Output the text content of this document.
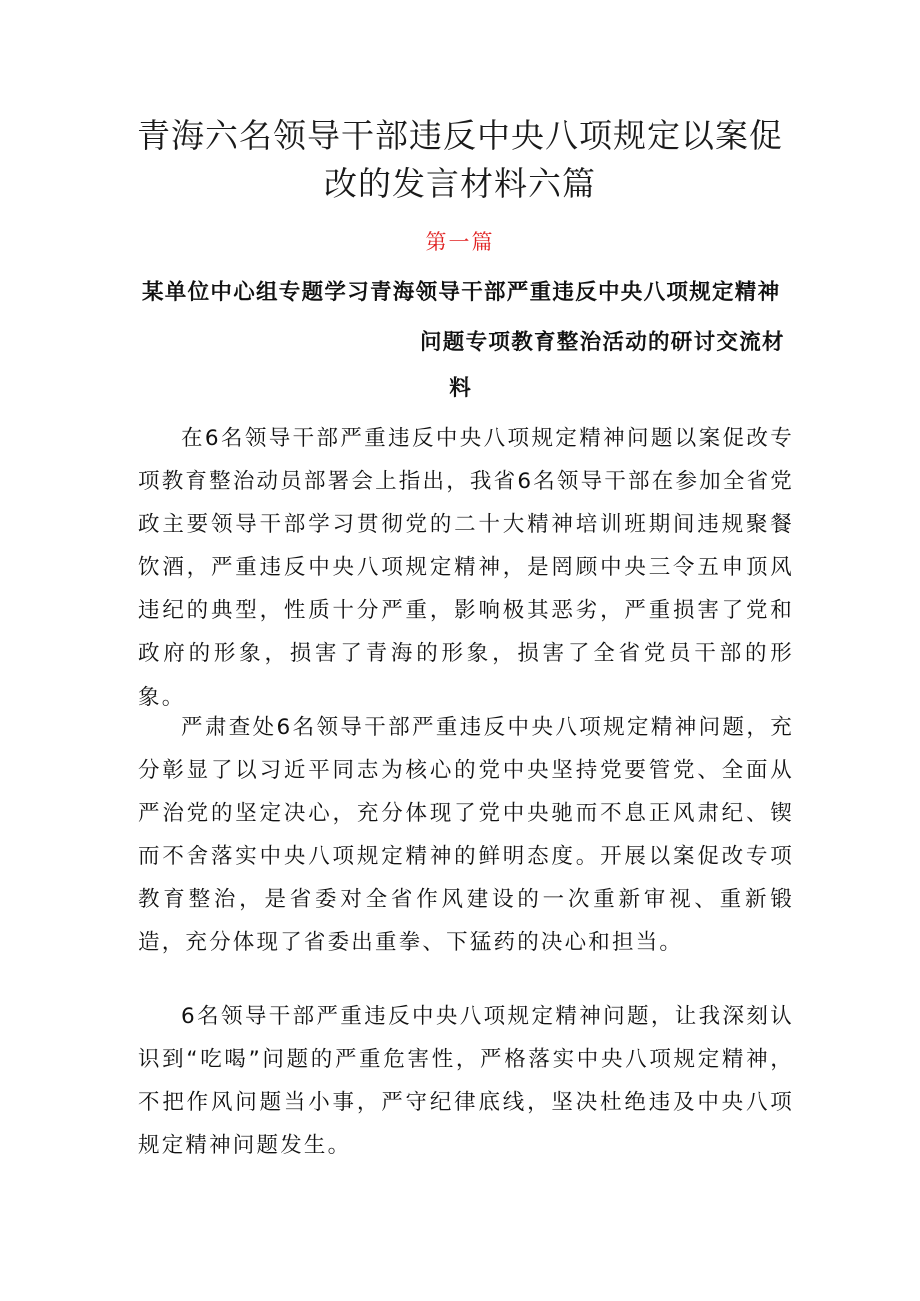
青海六名领导干部违反中央八项规定以案促
改的发言材料六篇
第一篇
某单位中心组专题学习青海领导干部严重违反中央八项规定精神
问题专项教育整治活动的研讨交流材
料

在6名领导干部严重违反中央八项规定精神问题以案促改专项教育整治动员部署会上指出，我省6名领导干部在参加全省党政主要领导干部学习贯彻党的二十大精神培训班期间违规聚餐饮酒，严重违反中央八项规定精神，是罔顾中央三令五申顶风违纪的典型，性质十分严重，影响极其恶劣，严重损害了党和政府的形象，损害了青海的形象，损害了全省党员干部的形象。

严肃查处6名领导干部严重违反中央八项规定精神问题，充分彰显了以习近平同志为核心的党中央坚持党要管党、全面从严治党的坚定决心，充分体现了党中央驰而不息正风肃纪、锲而不舍落实中央八项规定精神的鲜明态度。开展以案促改专项教育整治，是省委对全省作风建设的一次重新审视、重新锻造，充分体现了省委出重拳、下猛药的决心和担当。

6名领导干部严重违反中央八项规定精神问题，让我深刻认识到“吃喝”问题的严重危害性，严格落实中央八项规定精神，不把作风问题当小事，严守纪律底线，坚决杜绝违及中央八项规定精神问题发生。
